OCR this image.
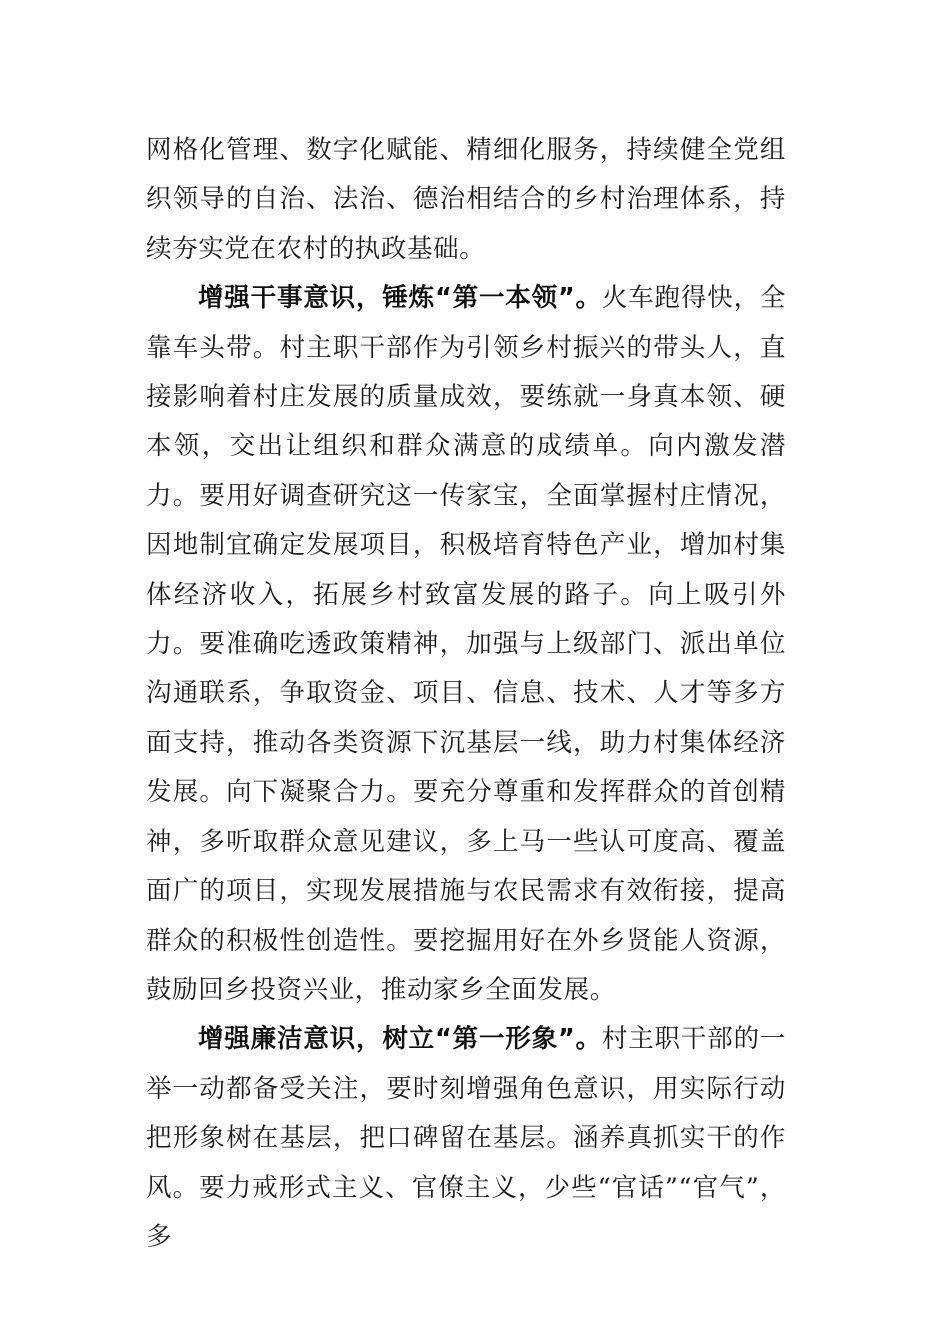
网格化管理、数字化赋能、精细化服务，持续健全党组织领导的自治、法治、德治相结合的乡村治理体系，持续夯实党在农村的执政基础。

增强干事意识，锤炼“第一本领”。火车跑得快，全靠车头带。村主职干部作为引领乡村振兴的带头人，直接影响着村庄发展的质量成效，要练就一身真本领、硬本领，交出让组织和群众满意的成绩单。向内激发潜力。要用好调查研究这一传家宝，全面掌握村庄情况，因地制宜确定发展项目，积极培育特色产业，增加村集体经济收入，拓展乡村致富发展的路子。向上吸引外力。要准确吃透政策精神，加强与上级部门、派出单位沟通联系，争取资金、项目、信息、技术、人才等多方面支持，推动各类资源下沉基层一线，助力村集体经济发展。向下凝聚合力。要充分尊重和发挥群众的首创精神，多听取群众意见建议，多上马一些认可度高、覆盖面广的项目，实现发展措施与农民需求有效衔接，提高群众的积极性创造性。要挖掘用好在外乡贤能人资源，鼓励回乡投资兴业，推动家乡全面发展。

增强廉洁意识，树立“第一形象”。村主职干部的一举一动都备受关注，要时刻增强角色意识，用实际行动把形象树在基层，把口碑留在基层。涵养真抓实干的作风。要力戒形式主义、官僚主义，少些“官话”“官气”，多
